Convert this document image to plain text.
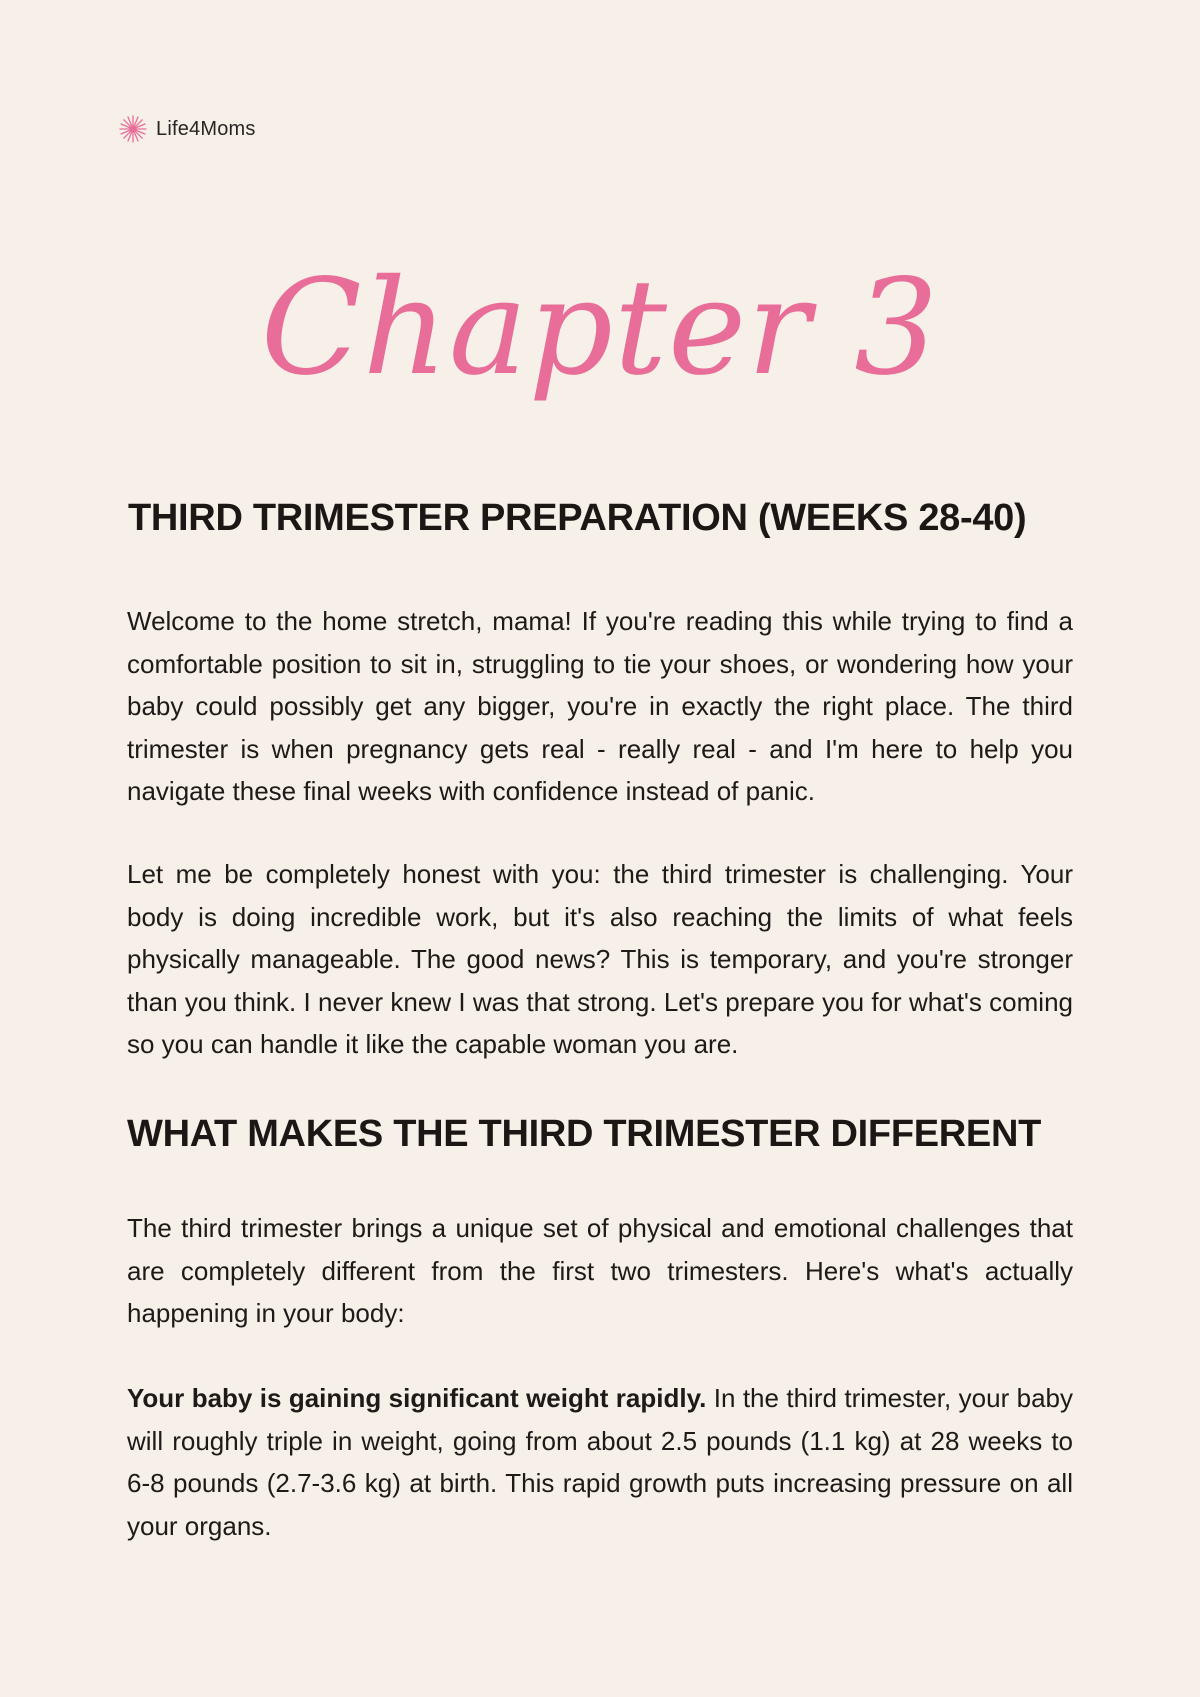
Life4Moms
Chapter 3
THIRD TRIMESTER PREPARATION (WEEKS 28-40)

Welcome to the home stretch, mama! If you're reading this while trying to find a comfortable position to sit in, struggling to tie your shoes, or wondering how your baby could possibly get any bigger, you're in exactly the right place. The third trimester is when pregnancy gets real - really real - and I'm here to help you navigate these final weeks with confidence instead of panic.

Let me be completely honest with you: the third trimester is challenging. Your body is doing incredible work, but it's also reaching the limits of what feels physically manageable. The good news? This is temporary, and you're stronger than you think. I never knew I was that strong. Let's prepare you for what's coming so you can handle it like the capable woman you are.

WHAT MAKES THE THIRD TRIMESTER DIFFERENT

The third trimester brings a unique set of physical and emotional challenges that are completely different from the first two trimesters. Here's what's actually happening in your body:

Your baby is gaining significant weight rapidly. In the third trimester, your baby will roughly triple in weight, going from about 2.5 pounds (1.1 kg) at 28 weeks to 6-8 pounds (2.7-3.6 kg) at birth. This rapid growth puts increasing pressure on all your organs.
